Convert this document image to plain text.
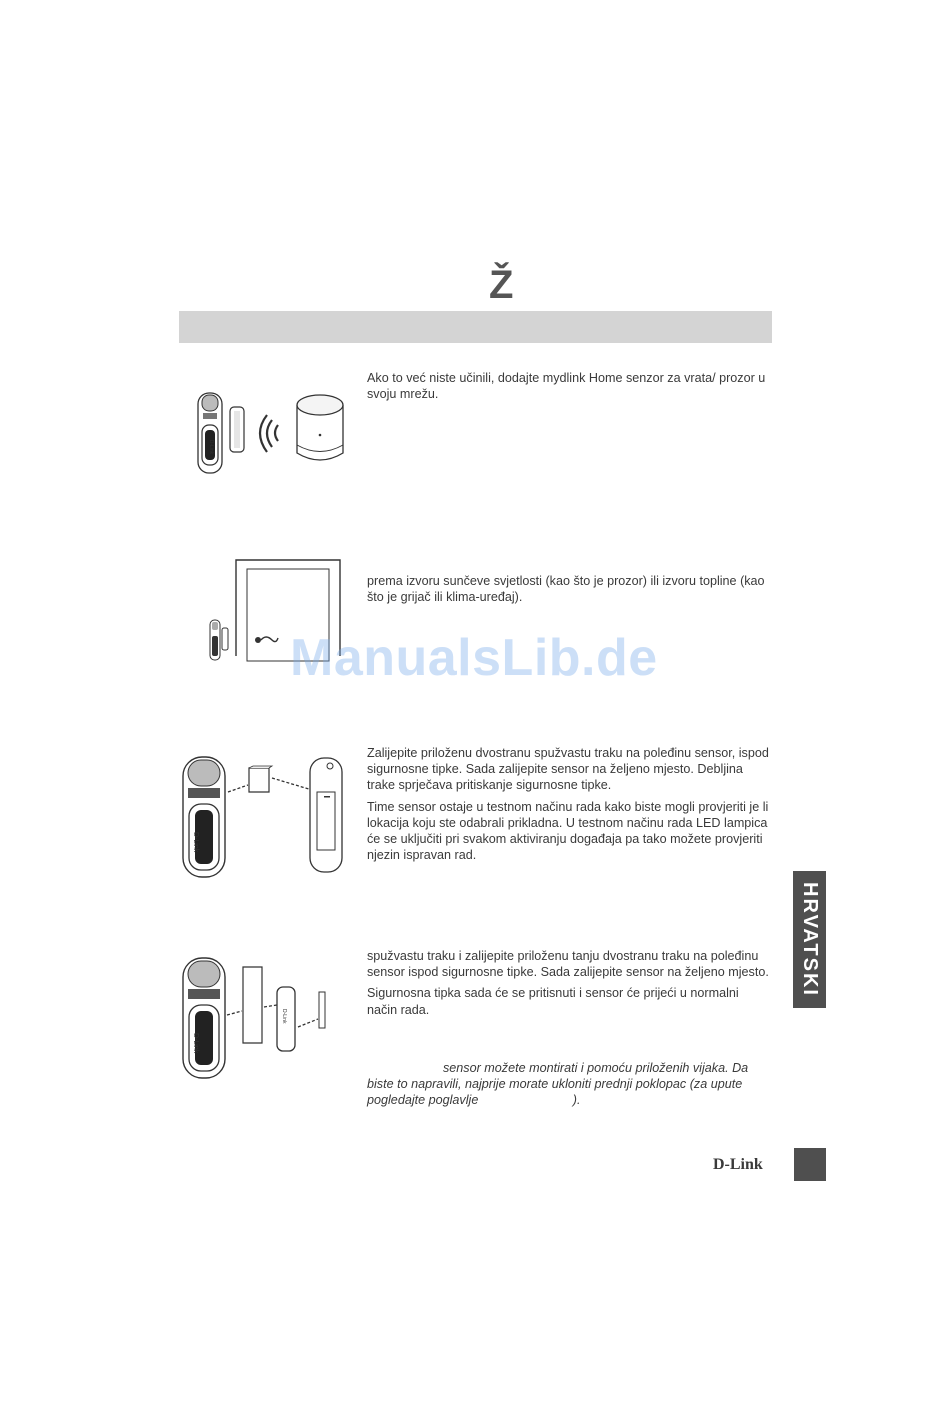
Ž
D-Link

Ako to već niste učinili, dodajte mydlink Home senzor za vrata/ prozor u svoju mrežu.

prema izvoru sunčeve svjetlosti (kao što je prozor) ili izvoru topline (kao što je grijač ili klima-uređaj).

ManualsLib.de
D-Link

Zalijepite priloženu dvostranu spužvastu traku na poleđinu sensor, ispod sigurnosne tipke. Sada zalijepite sensor na željeno mjesto. Debljina trake sprječava pritiskanje sigurnosne tipke.

Time sensor ostaje u testnom načinu rada kako biste mogli provjeriti je li lokacija koju ste odabrali prikladna. U testnom načinu rada LED lampica će se uključiti pri svakom aktiviranju događaja pa tako možete provjeriti njezin ispravan rad.

HRVATSKI
D-Link
D-Link

spužvastu traku i zalijepite priloženu tanju dvostranu traku na poleđinu sensor ispod sigurnosne tipke. Sada zalijepite sensor na željeno mjesto.

Sigurnosna tipka sada će se pritisnuti i sensor će prijeći u normalni način rada.

sensor možete montirati i pomoću priloženih vijaka. Da biste to napravili, najprije morate ukloniti prednji poklopac (za upute pogledajte poglavlje                           ).
D-Link
